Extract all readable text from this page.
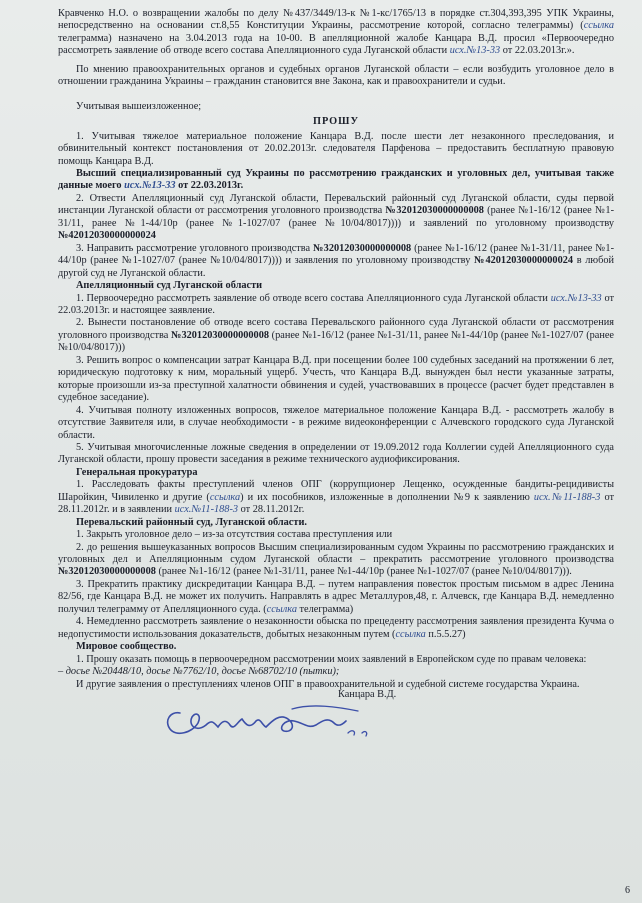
Кравченко Н.О. о возвращении жалобы по делу №437/3449/13-к №1-кс/1765/13 в порядке ст.304,393,395 УПК Украины, непосредственно на основании ст.8,55 Конституции Украины, рассмотрение которой, согласно телеграммы) (ссылка телеграмма) назначено на 3.04.2013 года на 10-00. В апелляционной жалобе Канцара В.Д. просил «Первоочередно рассмотреть заявление об отводе всего состава Апелляционного суда Луганской области исх.№13-33 от 22.03.2013г.».

По мнению правоохранительных органов и судебных органов Луганской области – если возбудить уголовное дело в отношении гражданина Украины – гражданин становится вне Закона, как и правоохранители и судьи.

Учитывая вышеизложенное;

ПРОШУ

1. Учитывая тяжелое материальное положение Канцара В.Д. после шести лет незаконного преследования, и обвинительный контекст постановления от 20.02.2013г. следователя Парфенова – предоставить бесплатную правовую помощь Канцара В.Д.

Высший специализированный суд Украины по рассмотрению гражданских и уголовных дел, учитывая также данные моего исх.№13-33 от 22.03.2013г.

2. Отвести Апелляционный суд Луганской области, Перевальский районный суд Луганской области, суды первой инстанции Луганской области от рассмотрения уголовного производства №32012030000000008 (ранее №1-16/12 (ранее №1-31/11, ранее №1-44/10р (ранее №1-1027/07 (ранее №10/04/8017)))) и заявлений по уголовному производству №42012030000000024

3. Направить рассмотрение уголовного производства №32012030000000008 (ранее №1-16/12 (ранее №1-31/11, ранее №1-44/10р (ранее №1-1027/07 (ранее №10/04/8017)))) и заявления по уголовному производству №42012030000000024 в любой другой суд не Луганской области.

Апелляционный суд Луганской области

1. Первоочередно рассмотреть заявление об отводе всего состава Апелляционного суда Луганской области исх.№13-33 от 22.03.2013г. и настоящее заявление.

2. Вынести постановление об отводе всего состава Перевальского районного суда Луганской области от рассмотрения уголовного производства №32012030000000008 (ранее №1-16/12 (ранее №1-31/11, ранее №1-44/10р (ранее №1-1027/07 (ранее №10/04/8017)))

3. Решить вопрос о компенсации затрат Канцара В.Д. при посещении более 100 судебных заседаний на протяжении 6 лет, юридическую подготовку к ним, моральный ущерб. Учесть, что Канцара В.Д. вынужден был нести указанные затраты, которые произошли из-за преступной халатности обвинения и судей, участвовавших в процессе (расчет будет представлен в судебное заседание).

4. Учитывая полноту изложенных вопросов, тяжелое материальное положение Канцара В.Д. - рассмотреть жалобу в отсутствие Заявителя или, в случае необходимости - в режиме видеоконференции с Алчевского городского суда Луганской области.

5. Учитывая многочисленные ложные сведения в определении от 19.09.2012 года Коллегии судей Апелляционного суда Луганской области, прошу провести заседания в режиме технического аудиофиксирования.

Генеральная прокуратура

1. Расследовать факты преступлений членов ОПГ (коррупционер Лещенко, осужденные бандиты-рецидивисты Шаройкин, Чивиленко и другие (ссылка) и их пособников, изложенные в дополнении №9 к заявлению исх.№11-188-3 от 28.11.2012г. и в заявлении исх.№11-188-3 от 28.11.2012г.

Перевальский районный суд, Луганской области.

1. Закрыть уголовное дело – из-за отсутствия состава преступления или

2. до решения вышеуказанных вопросов Высшим специализированным судом Украины по рассмотрению гражданских и уголовных дел и Апелляционным судом Луганской области – прекратить рассмотрение уголовного производства №32012030000000008 (ранее №1-16/12 (ранее №1-31/11, ранее №1-44/10р (ранее №1-1027/07 (ранее №10/04/8017))).

3. Прекратить практику дискредитации Канцара В.Д. – путем направления повесток простым письмом в адрес Ленина 82/56, где Канцара В.Д. не может их получить. Направлять в адрес Металлуров,48, г. Алчевск, где Канцара В.Д. немедленно получил телеграмму от Апелляционного суда. (ссылка телеграмма)

4. Немедленно рассмотреть заявление о незаконности обыска по прецеденту рассмотрения заявления президента Кучма о недопустимости использования доказательств, добытых незаконным путем (ссылка п.5.5.27)

Мировое сообщество.

1. Прошу оказать помощь в первоочередном рассмотрении моих заявлений в Европейском суде по правам человека:

– досье №20448/10, досье №7762/10, досье №68702/10 (пытки);

И другие заявления о преступлениях членов ОПГ в правоохранительной и судебной системе государства Украина.

Канцара В.Д.
6
